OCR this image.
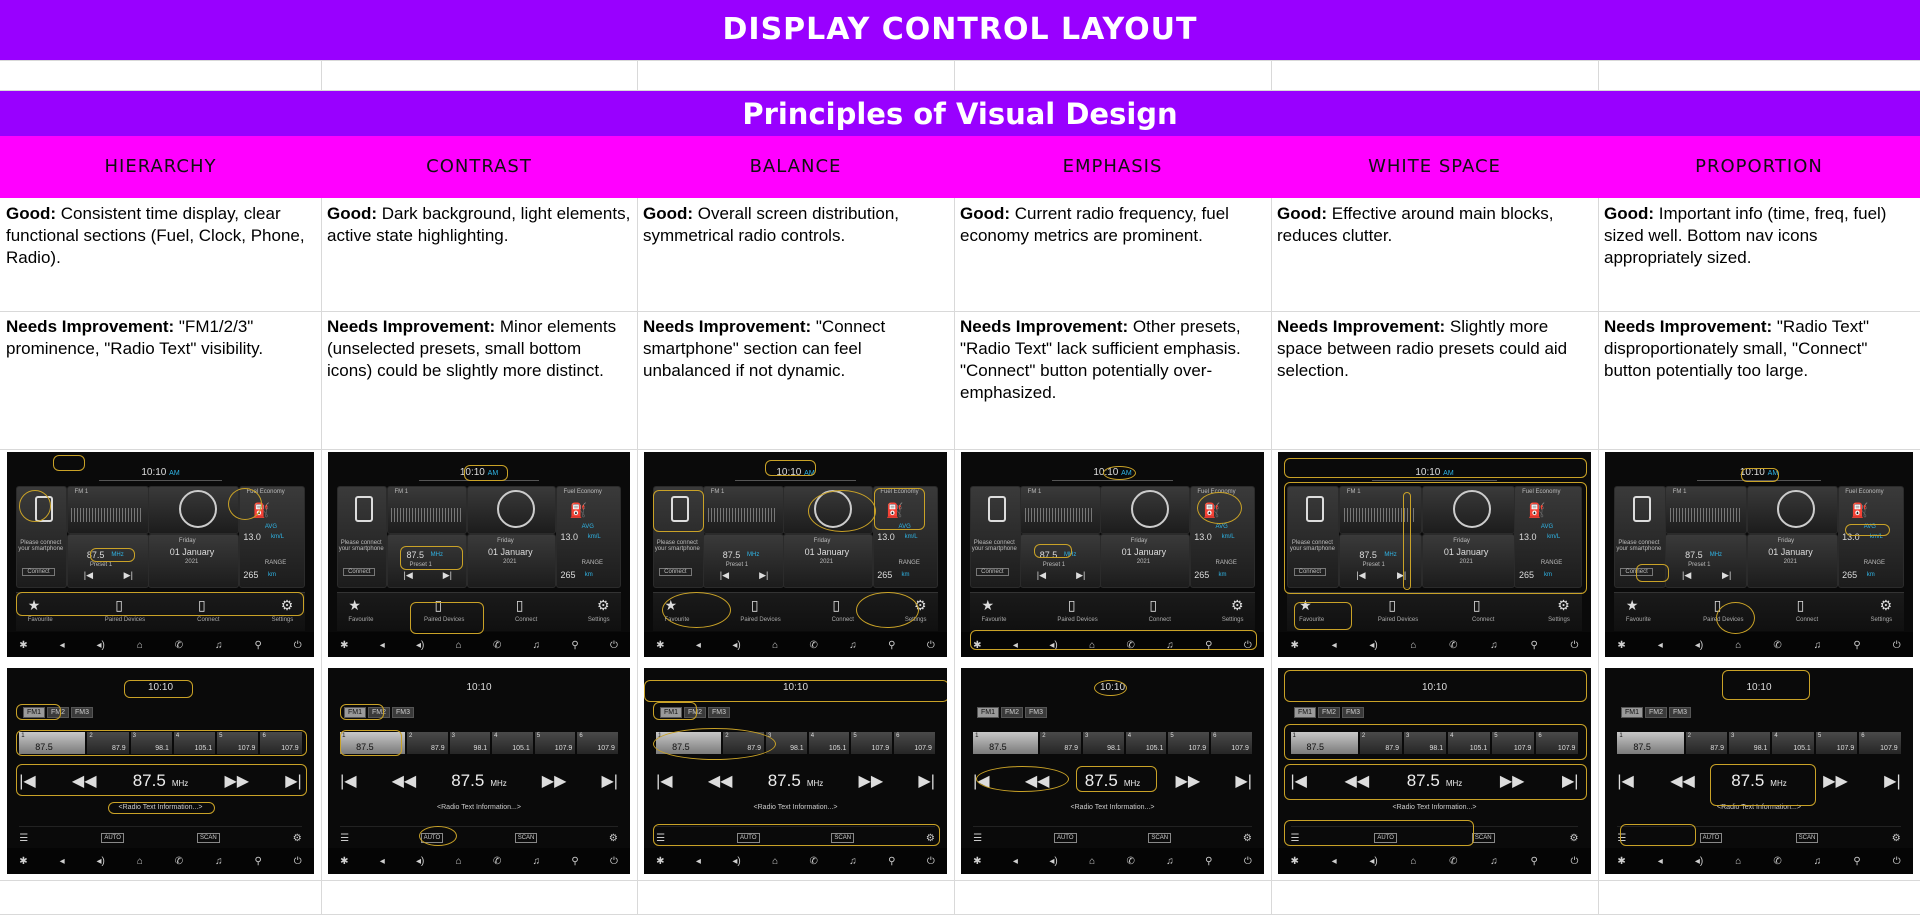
DISPLAY CONTROL LAYOUT
Principles of Visual Design
HIERARCHY
Good: Consistent time display, clear functional sections (Fuel, Clock, Phone, Radio).
Needs Improvement: "FM1/2/3" prominence, "Radio Text" visibility.
10:10 AM
Please connect your smartphone
Connect
FM 1
87.5 MHz
Preset 1
|◀	▶|
Friday
01 January
2021
Fuel Economy
⛽
AVG
13.0 km/L
RANGE
265 km
★	▯	▯	⚙
Favourite	Paired Devices	Connect	Settings
✱	◂	◂)	⌂	✆	♫	⚲	⏻
10:10
FM1	FM2	FM3
1
87.5
2
87.9
3
98.1
4
105.1
5
107.9
6
107.9
|◀ ◀◀ 87.5 MHz ▶▶ ▶|
<Radio Text Information...>
☰	AUTO	SCAN	⚙
✱	◂	◂)	⌂	✆	♫	⚲	⏻
CONTRAST
Good: Dark background, light elements, active state highlighting.
Needs Improvement: Minor elements (unselected presets, small bottom icons) could be slightly more distinct.
10:10 AM
Please connect your smartphone
Connect
FM 1
87.5 MHz
Preset 1
|◀	▶|
Friday
01 January
2021
Fuel Economy
⛽
AVG
13.0 km/L
RANGE
265 km
★	▯	▯	⚙
Favourite	Paired Devices	Connect	Settings
✱	◂	◂)	⌂	✆	♫	⚲	⏻
10:10
FM1	FM2	FM3
1
87.5
2
87.9
3
98.1
4
105.1
5
107.9
6
107.9
|◀ ◀◀ 87.5 MHz ▶▶ ▶|
<Radio Text Information...>
☰	AUTO	SCAN	⚙
✱	◂	◂)	⌂	✆	♫	⚲	⏻
BALANCE
Good: Overall screen distribution, symmetrical radio controls.
Needs Improvement: "Connect smartphone" section can feel unbalanced if not dynamic.
10:10 AM
Please connect your smartphone
Connect
FM 1
87.5 MHz
Preset 1
|◀	▶|
Friday
01 January
2021
Fuel Economy
⛽
AVG
13.0 km/L
RANGE
265 km
★	▯	▯	⚙
Favourite	Paired Devices	Connect	Settings
✱	◂	◂)	⌂	✆	♫	⚲	⏻
10:10
FM1	FM2	FM3
1
87.5
2
87.9
3
98.1
4
105.1
5
107.9
6
107.9
|◀ ◀◀ 87.5 MHz ▶▶ ▶|
<Radio Text Information...>
☰	AUTO	SCAN	⚙
✱	◂	◂)	⌂	✆	♫	⚲	⏻
EMPHASIS
Good: Current radio frequency, fuel economy metrics are prominent.
Needs Improvement: Other presets, "Radio Text" lack sufficient emphasis. "Connect" button potentially over-emphasized.
10:10 AM
Please connect your smartphone
Connect
FM 1
87.5 MHz
Preset 1
|◀	▶|
Friday
01 January
2021
Fuel Economy
⛽
AVG
13.0 km/L
RANGE
265 km
★	▯	▯	⚙
Favourite	Paired Devices	Connect	Settings
✱	◂	◂)	⌂	✆	♫	⚲	⏻
10:10
FM1	FM2	FM3
1
87.5
2
87.9
3
98.1
4
105.1
5
107.9
6
107.9
|◀ ◀◀ 87.5 MHz ▶▶ ▶|
<Radio Text Information...>
☰	AUTO	SCAN	⚙
✱	◂	◂)	⌂	✆	♫	⚲	⏻
WHITE SPACE
Good: Effective around main blocks, reduces clutter.
Needs Improvement: Slightly more space between radio presets could aid selection.
10:10 AM
Please connect your smartphone
Connect
FM 1
87.5 MHz
Preset 1
|◀	▶|
Friday
01 January
2021
Fuel Economy
⛽
AVG
13.0 km/L
RANGE
265 km
★	▯	▯	⚙
Favourite	Paired Devices	Connect	Settings
✱	◂	◂)	⌂	✆	♫	⚲	⏻
10:10
FM1	FM2	FM3
1
87.5
2
87.9
3
98.1
4
105.1
5
107.9
6
107.9
|◀ ◀◀ 87.5 MHz ▶▶ ▶|
<Radio Text Information...>
☰	AUTO	SCAN	⚙
✱	◂	◂)	⌂	✆	♫	⚲	⏻
PROPORTION
Good: Important info (time, freq, fuel) sized well. Bottom nav icons appropriately sized.
Needs Improvement: "Radio Text" disproportionately small, "Connect" button potentially too large.
10:10 AM
Please connect your smartphone
Connect
FM 1
87.5 MHz
Preset 1
|◀	▶|
Friday
01 January
2021
Fuel Economy
⛽
AVG
13.0 km/L
RANGE
265 km
★	▯	▯	⚙
Favourite	Paired Devices	Connect	Settings
✱	◂	◂)	⌂	✆	♫	⚲	⏻
10:10
FM1	FM2	FM3
1
87.5
2
87.9
3
98.1
4
105.1
5
107.9
6
107.9
|◀ ◀◀ 87.5 MHz ▶▶ ▶|
<Radio Text Information...>
☰	AUTO	SCAN	⚙
✱	◂	◂)	⌂	✆	♫	⚲	⏻
